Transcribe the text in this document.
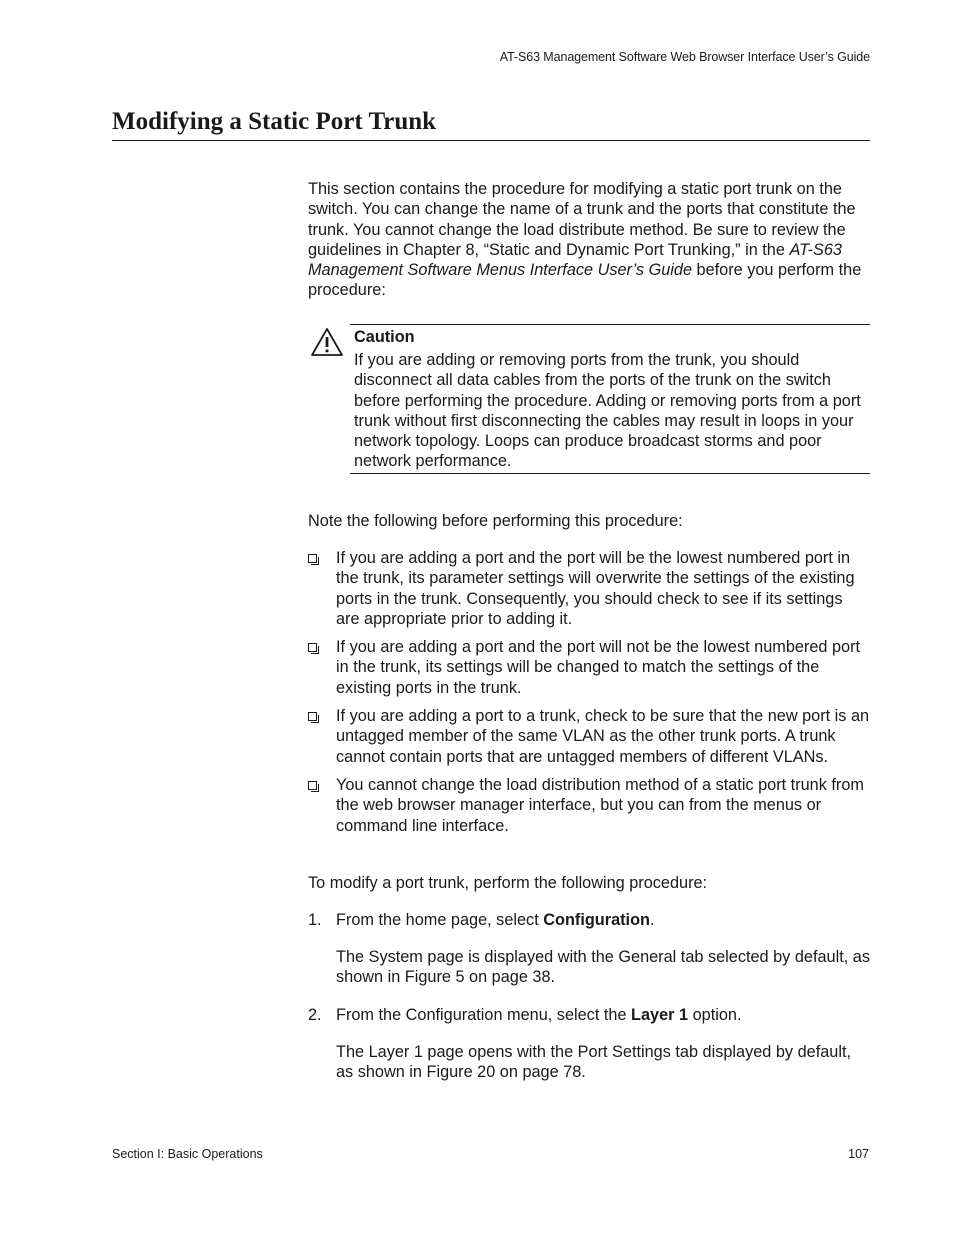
AT-S63 Management Software Web Browser Interface User’s Guide
Modifying a Static Port Trunk

This section contains the procedure for modifying a static port trunk on the switch. You can change the name of a trunk and the ports that constitute the trunk. You cannot change the load distribute method. Be sure to review the guidelines in Chapter 8, “Static and Dynamic Port Trunking,” in the AT-S63 Management Software Menus Interface User’s Guide before you perform the procedure:

Caution

If you are adding or removing ports from the trunk, you should disconnect all data cables from the ports of the trunk on the switch before performing the procedure. Adding or removing ports from a port trunk without first disconnecting the cables may result in loops in your network topology. Loops can produce broadcast storms and poor network performance.

Note the following before performing this procedure:

If you are adding a port and the port will be the lowest numbered port in the trunk, its parameter settings will overwrite the settings of the existing ports in the trunk. Consequently, you should check to see if its settings are appropriate prior to adding it.
If you are adding a port and the port will not be the lowest numbered port in the trunk, its settings will be changed to match the settings of the existing ports in the trunk.
If you are adding a port to a trunk, check to be sure that the new port is an untagged member of the same VLAN as the other trunk ports. A trunk cannot contain ports that are untagged members of different VLANs.
You cannot change the load distribution method of a static port trunk from the web browser manager interface, but you can from the menus or command line interface.

To modify a port trunk, perform the following procedure:

1. From the home page, select Configuration.

The System page is displayed with the General tab selected by default, as shown in Figure 5 on page 38.

2. From the Configuration menu, select the Layer 1 option.

The Layer 1 page opens with the Port Settings tab displayed by default, as shown in Figure 20 on page 78.

Section I: Basic Operations	107
